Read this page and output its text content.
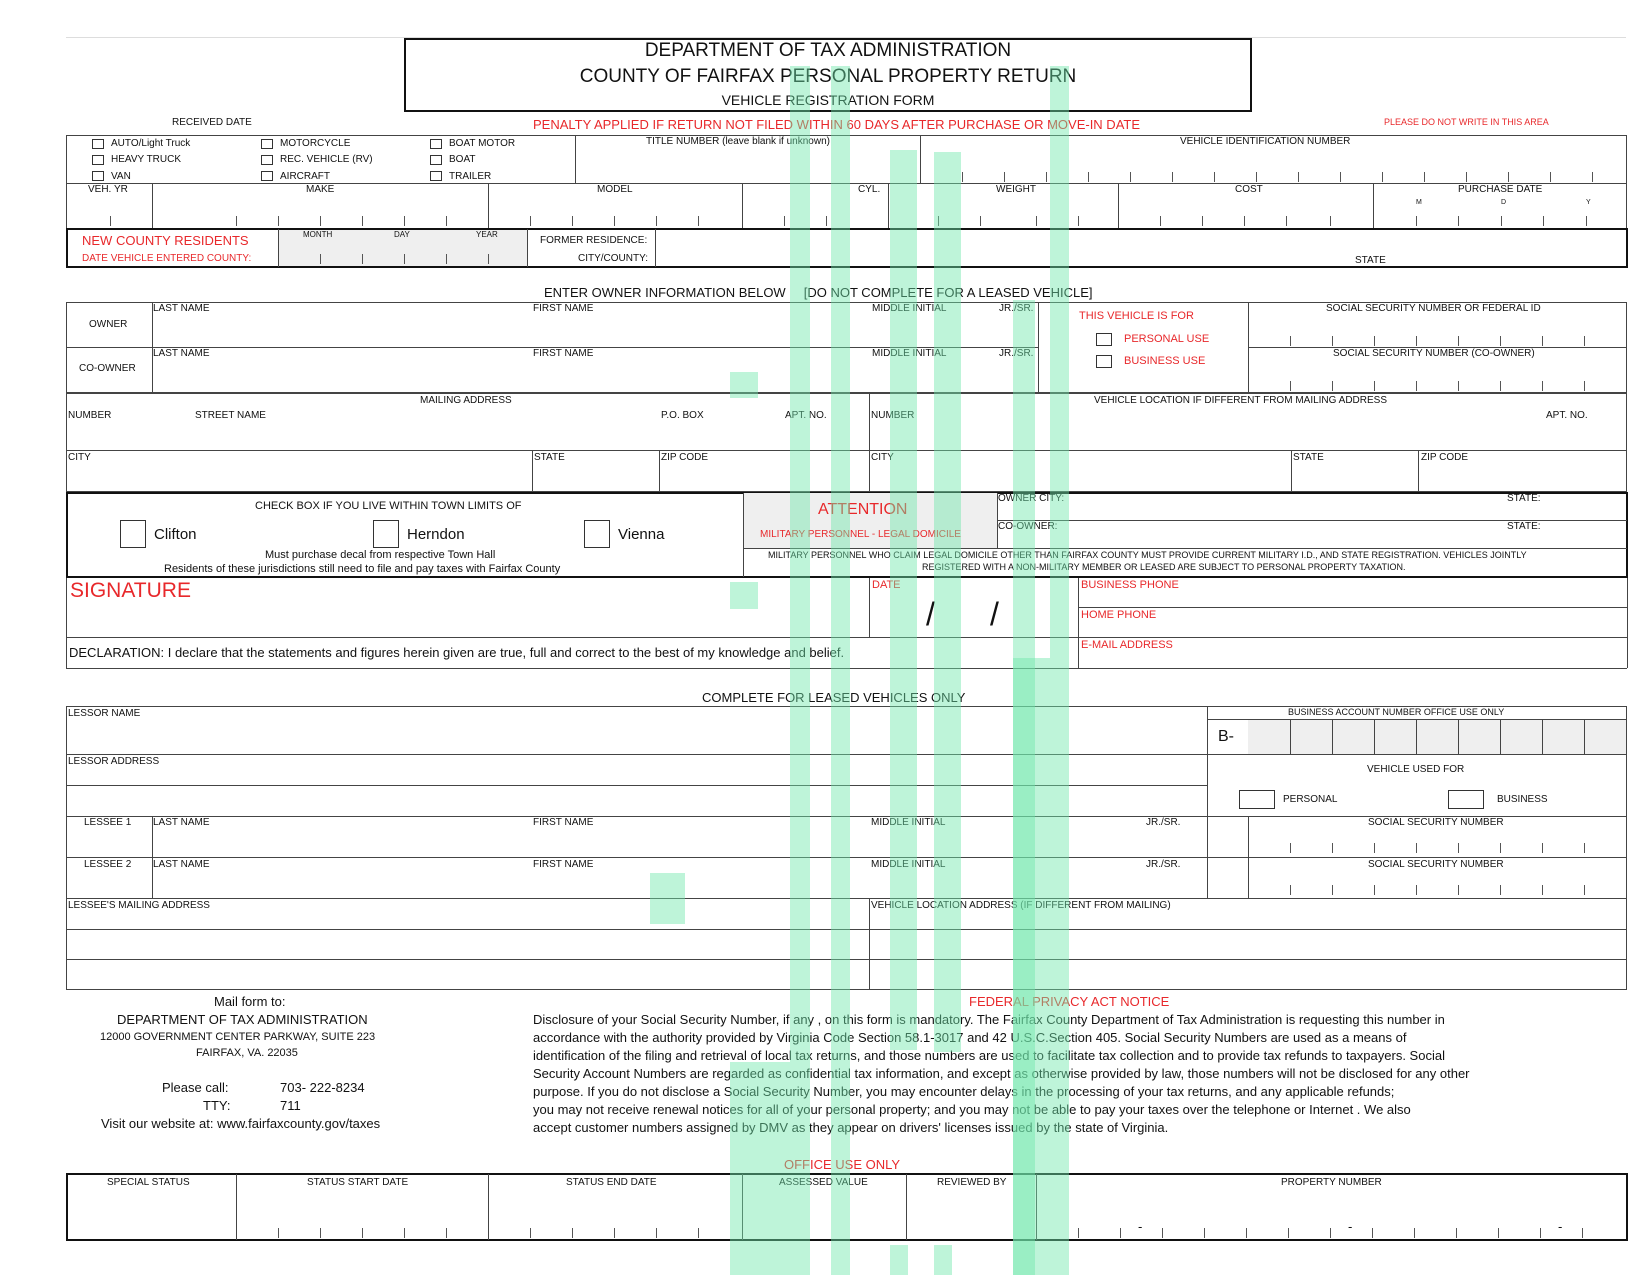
DEPARTMENT OF TAX ADMINISTRATION
COUNTY OF FAIRFAX PERSONAL PROPERTY RETURN
VEHICLE REGISTRATION FORM
RECEIVED DATE	PENALTY APPLIED IF RETURN NOT FILED WITHIN 60 DAYS AFTER PURCHASE OR MOVE-IN DATE	PLEASE DO NOT WRITE IN THIS AREA
AUTO/Light Truck
HEAVY TRUCK
VAN
MOTORCYCLE
REC. VEHICLE (RV)
AIRCRAFT
BOAT MOTOR
BOAT
TRAILER
TITLE NUMBER (leave blank if unknown)	VEHICLE IDENTIFICATION NUMBER
VEH. YR	MAKE	MODEL	CYL.	WEIGHT	COST	PURCHASE DATE
M	D	Y
NEW COUNTY RESIDENTS
DATE VEHICLE ENTERED COUNTY:
MONTH	DAY	YEAR
FORMER RESIDENCE:
CITY/COUNTY:	STATE
ENTER OWNER INFORMATION BELOW     [DO NOT COMPLETE FOR A LEASED VEHICLE]
OWNER
CO-OWNER
LAST NAME	FIRST NAME	MIDDLE INITIAL	JR./SR.
LAST NAME	FIRST NAME	MIDDLE INITIAL	JR./SR.
THIS VEHICLE IS FOR
PERSONAL USE
BUSINESS USE
SOCIAL SECURITY NUMBER OR FEDERAL ID
SOCIAL SECURITY NUMBER (CO-OWNER)
MAILING ADDRESS
NUMBER	STREET NAME	P.O. BOX	APT. NO.
CITY	STATE	ZIP CODE
VEHICLE LOCATION IF DIFFERENT FROM MAILING ADDRESS
NUMBER	APT. NO.
CITY	STATE	ZIP CODE
CHECK BOX IF YOU LIVE WITHIN TOWN LIMITS OF
Clifton	Herndon	Vienna
Must purchase decal from respective Town Hall
Residents of these jurisdictions still need to file and pay taxes with Fairfax County
ATTENTION
MILITARY PERSONNEL - LEGAL DOMICILE
OWNER CITY:	STATE:
CO-OWNER:	STATE:
MILITARY PERSONNEL WHO CLAIM LEGAL DOMICILE OTHER THAN FAIRFAX COUNTY MUST PROVIDE CURRENT MILITARY I.D., AND STATE REGISTRATION. VEHICLES JOINTLY
REGISTERED WITH A NON-MILITARY MEMBER OR LEASED ARE SUBJECT TO PERSONAL PROPERTY TAXATION.
SIGNATURE	DATE
/ /
BUSINESS PHONE
HOME PHONE
E-MAIL ADDRESS
DECLARATION: I declare that the statements and figures herein given are true, full and correct to the best of my knowledge and belief.
COMPLETE FOR LEASED VEHICLES ONLY
LESSOR NAME
LESSOR ADDRESS
BUSINESS ACCOUNT NUMBER OFFICE USE ONLY
B-
VEHICLE USED FOR
PERSONAL	BUSINESS
LESSEE 1 LAST NAME	FIRST NAME	MIDDLE INITIAL	JR./SR.	SOCIAL SECURITY NUMBER
LESSEE 2 LAST NAME	FIRST NAME	MIDDLE INITIAL	JR./SR.	SOCIAL SECURITY NUMBER
LESSEE'S MAILING ADDRESS	VEHICLE LOCATION ADDRESS (IF DIFFERENT FROM MAILING)
Mail form to:
DEPARTMENT OF TAX ADMINISTRATION
12000 GOVERNMENT CENTER PARKWAY, SUITE 223
FAIRFAX, VA. 22035
Please call:	703- 222-8234
TTY:	711
Visit our website at: www.fairfaxcounty.gov/taxes
FEDERAL PRIVACY ACT NOTICE
Disclosure of your Social Security Number, if any , on this form is mandatory. The Fairfax County Department of Tax Administration is requesting this number in
accordance with the authority provided by Virginia Code Section 58.1-3017 and 42 U.S.C.Section 405. Social Security Numbers are used as a means of
identification of the filing and retrieval of local tax returns, and those numbers are used to facilitate tax collection and to provide tax refunds to taxpayers. Social
Security Account Numbers are regarded as confidential tax information, and except as otherwise provided by law, those numbers will not be disclosed for any other
purpose. If you do not disclose a Social Security Number, you may encounter delays in the processing of your tax returns, and any applicable refunds;
you may not receive renewal notices for all of your personal property; and you may not be able to pay your taxes over the telephone or Internet . We also
accept customer numbers assigned by DMV as they appear on drivers' licenses issued by the state of Virginia.
OFFICE USE ONLY
SPECIAL STATUS	STATUS START DATE	STATUS END DATE	ASSESSED VALUE	REVIEWED BY	PROPERTY NUMBER
-	-	-
